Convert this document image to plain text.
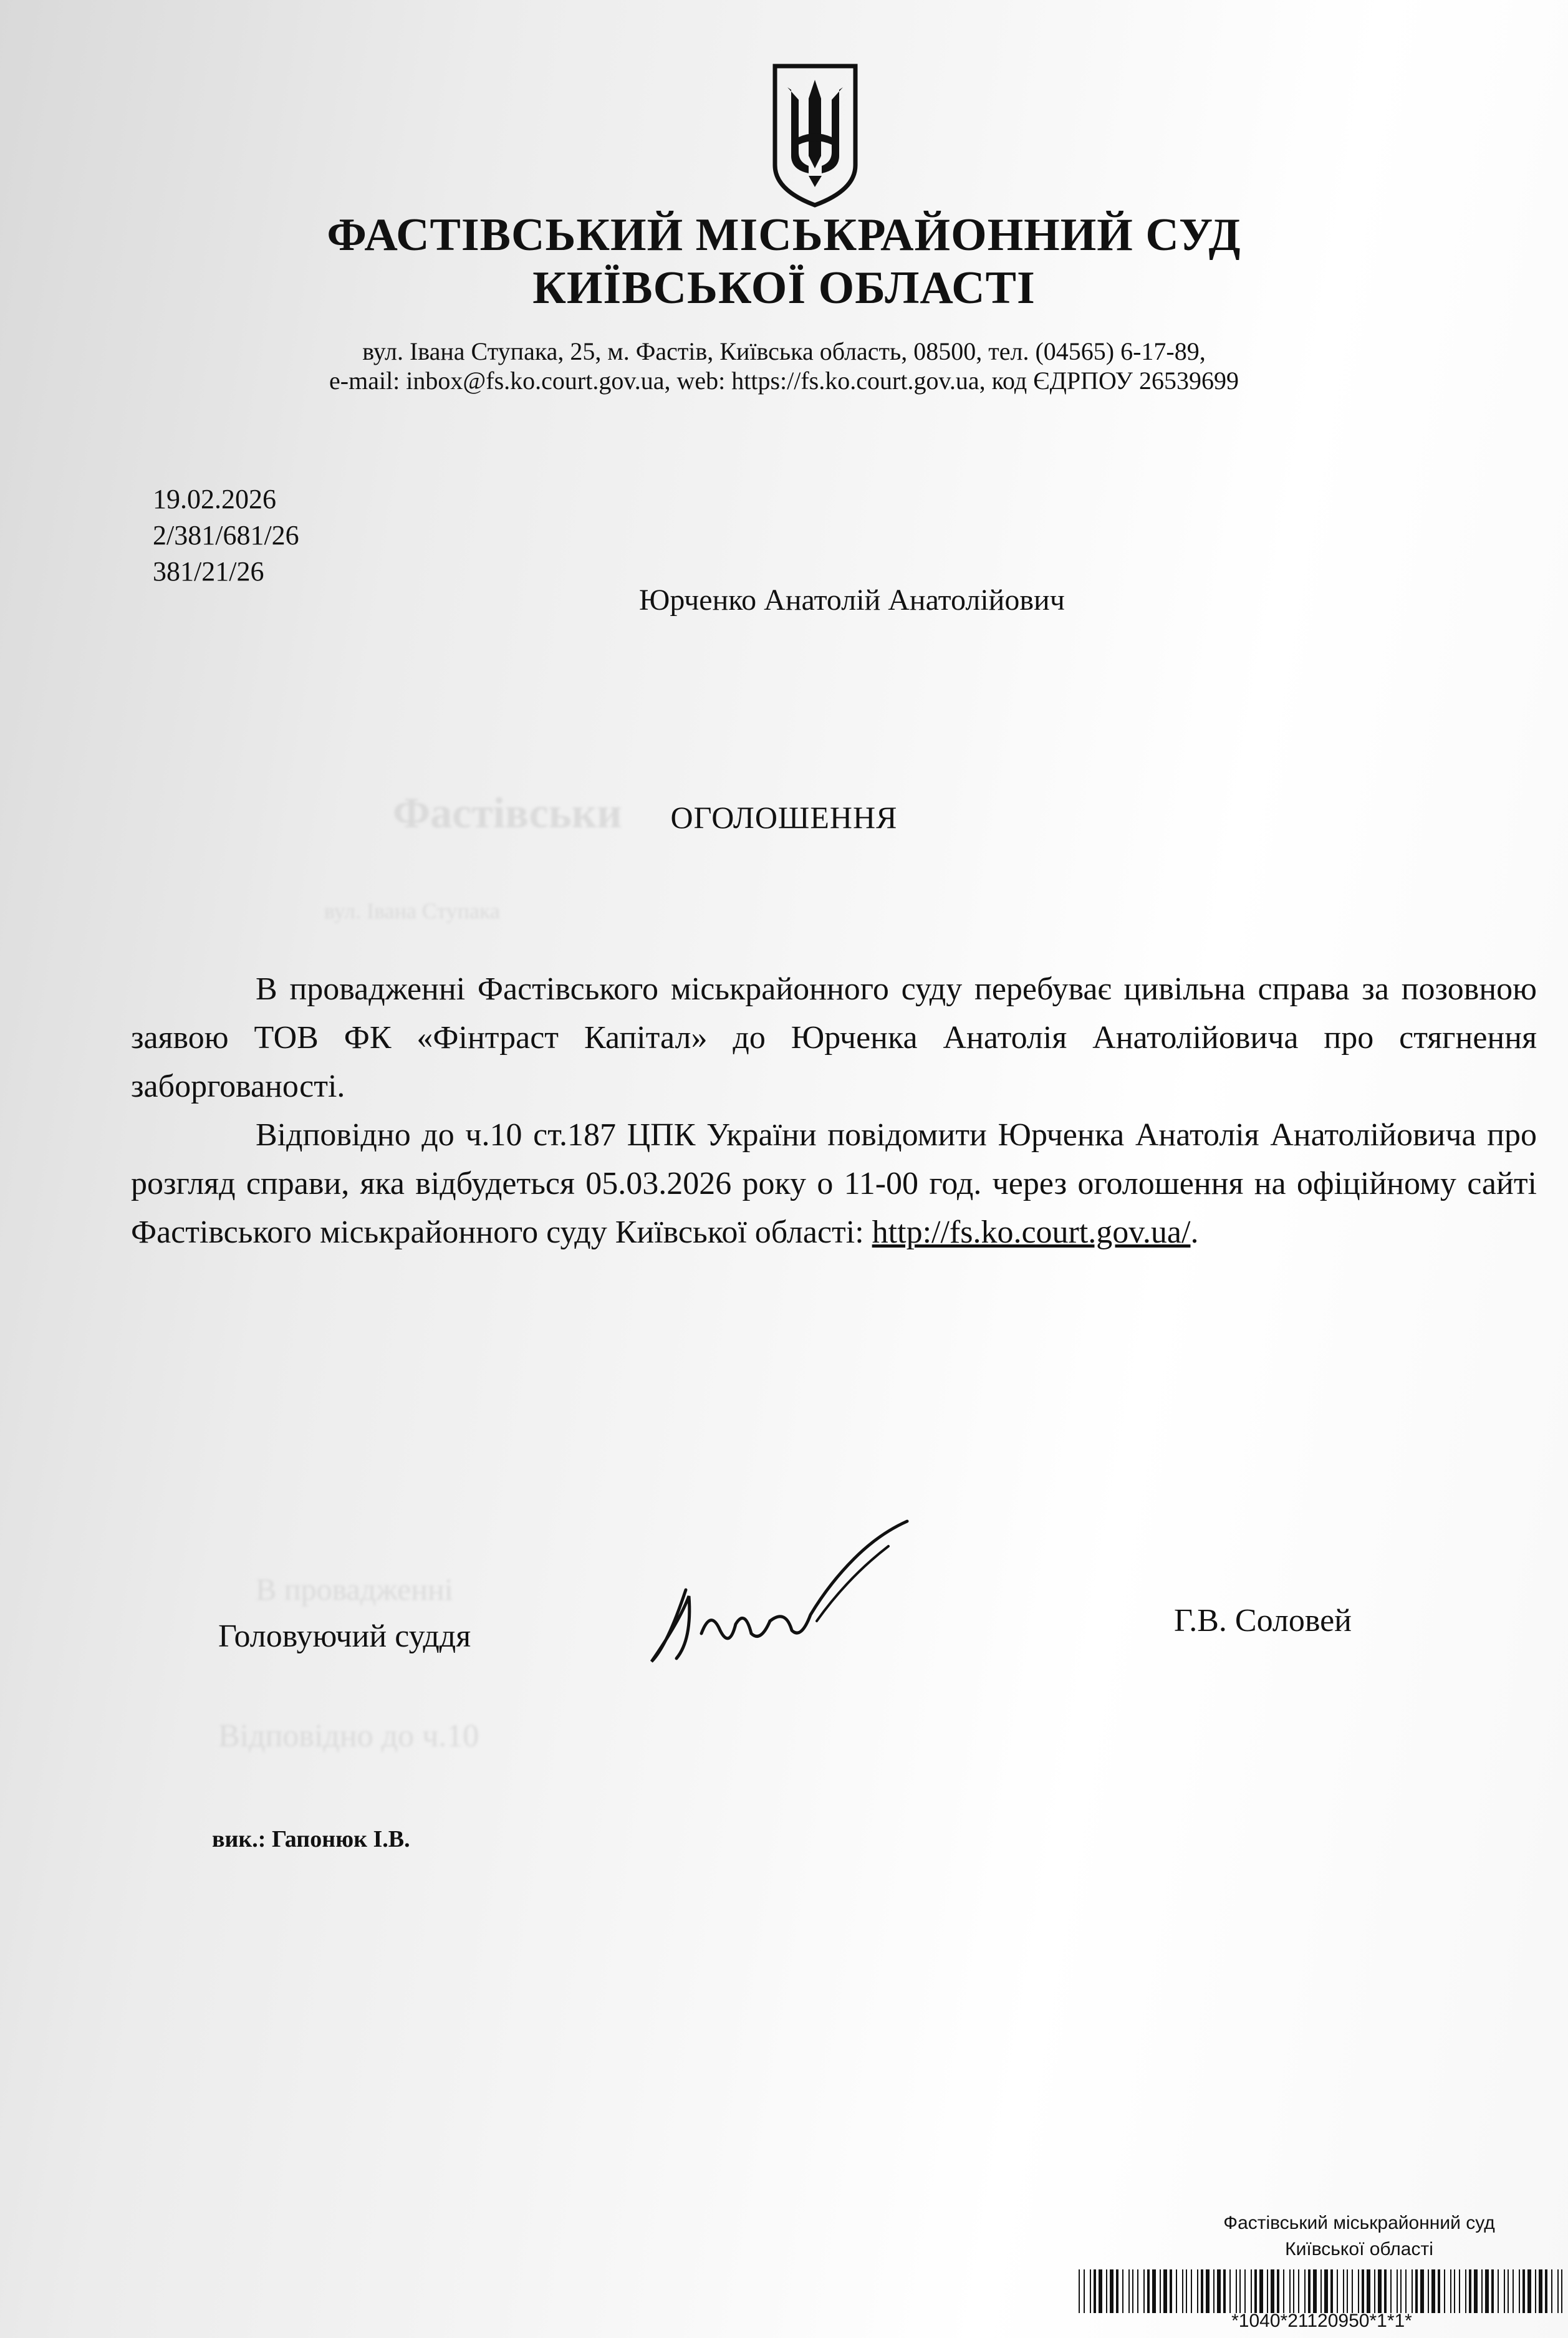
Фастівськи
вул. Івана Ступака
В провадженні
Відповідно до ч.10
ФАСТІВСЬКИЙ МІСЬКРАЙОННИЙ СУД
КИЇВСЬКОЇ ОБЛАСТІ
вул. Івана Ступака, 25, м. Фастів, Київська область, 08500, тел. (04565) 6-17-89,
e-mail: inbox@fs.ko.court.gov.ua, web: https://fs.ko.court.gov.ua, код ЄДРПОУ 26539699
19.02.2026
2/381/681/26
381/21/26
Юрченко Анатолій Анатолійович
ОГОЛОШЕННЯ

В провадженні Фастівського міськрайонного суду перебуває цивільна справа за позовною заявою ТОВ ФК «Фінтраст Капітал» до Юрченка Анатолія Анатолійовича про стягнення заборгованості.

Відповідно до ч.10 ст.187 ЦПК України повідомити Юрченка Анатолія Анатолійовича про розгляд справи, яка відбудеться 05.03.2026 року о 11-00 год. через оголошення на офіційному сайті Фастівського міськрайонного суду Київської області: http://fs.ko.court.gov.ua/.

Головуючий суддя	Г.В. Соловей
вик.: Гапонюк І.В.
Фастівський міськрайонний суд
Київської області
*1040*21120950*1*1*
